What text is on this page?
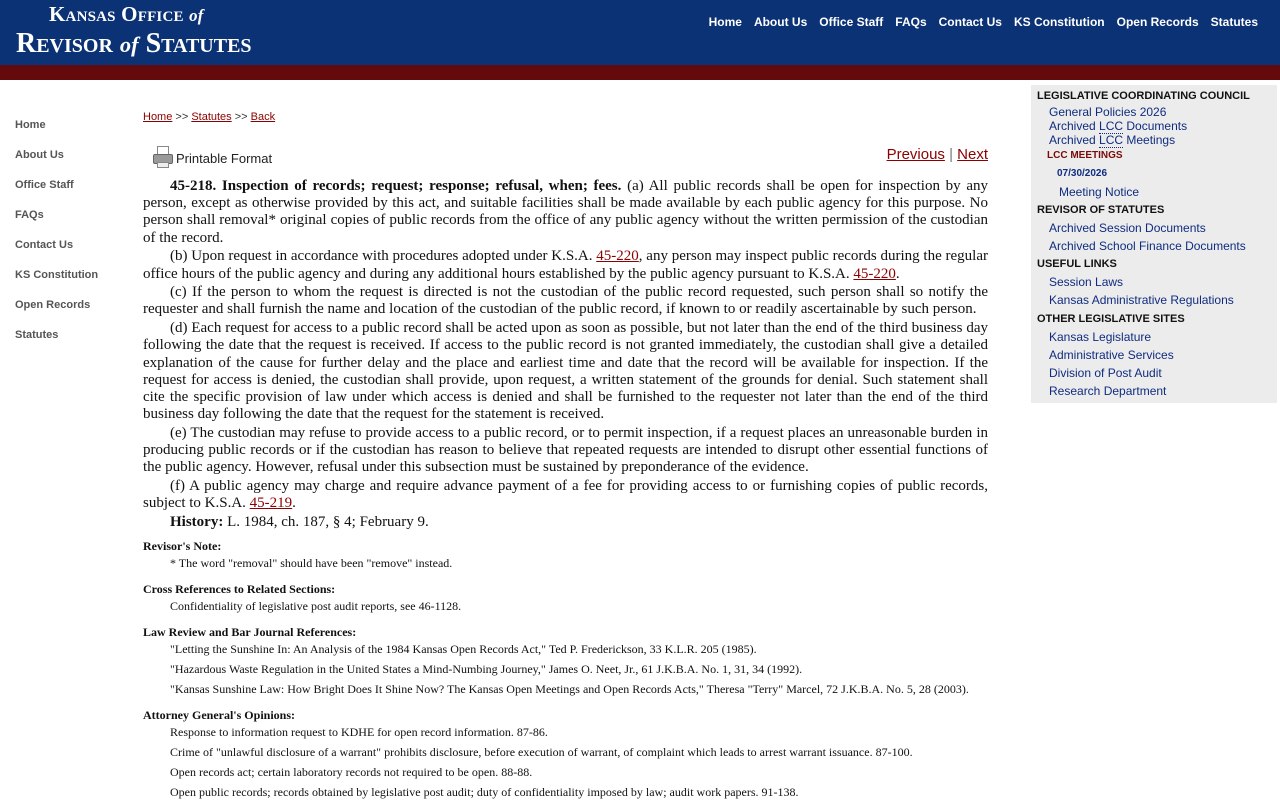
Kansas Office of
Revisor of Statutes
Home About Us Office Staff FAQs Contact Us KS Constitution Open Records Statutes
Home
About Us
Office Staff
FAQs
Contact Us
KS Constitution
Open Records
Statutes
Home >> Statutes >> Back
Printable Format	Previous | Next

45-218. Inspection of records; request; response; refusal, when; fees. (a) All public records shall be open for inspection by any person, except as otherwise provided by this act, and suitable facilities shall be made available by each public agency for this purpose. No person shall removal* original copies of public records from the office of any public agency without the written permission of the custodian of the record.

(b) Upon request in accordance with procedures adopted under K.S.A. 45-220, any person may inspect public records during the regular office hours of the public agency and during any additional hours established by the public agency pursuant to K.S.A. 45-220.

(c) If the person to whom the request is directed is not the custodian of the public record requested, such person shall so notify the requester and shall furnish the name and location of the custodian of the public record, if known to or readily ascertainable by such person.

(d) Each request for access to a public record shall be acted upon as soon as possible, but not later than the end of the third business day following the date that the request is received. If access to the public record is not granted immediately, the custodian shall give a detailed explanation of the cause for further delay and the place and earliest time and date that the record will be available for inspection. If the request for access is denied, the custodian shall provide, upon request, a written statement of the grounds for denial. Such statement shall cite the specific provision of law under which access is denied and shall be furnished to the requester not later than the end of the third business day following the date that the request for the statement is received.

(e) The custodian may refuse to provide access to a public record, or to permit inspection, if a request places an unreasonable burden in producing public records or if the custodian has reason to believe that repeated requests are intended to disrupt other essential functions of the public agency. However, refusal under this subsection must be sustained by preponderance of the evidence.

(f) A public agency may charge and require advance payment of a fee for providing access to or furnishing copies of public records, subject to K.S.A. 45-219.

History: L. 1984, ch. 187, § 4; February 9.
Revisor's Note:
* The word "removal" should have been "remove" instead.
Cross References to Related Sections:
Confidentiality of legislative post audit reports, see 46-1128.
Law Review and Bar Journal References:
"Letting the Sunshine In: An Analysis of the 1984 Kansas Open Records Act," Ted P. Frederickson, 33 K.L.R. 205 (1985).
"Hazardous Waste Regulation in the United States a Mind-Numbing Journey," James O. Neet, Jr., 61 J.K.B.A. No. 1, 31, 34 (1992).
"Kansas Sunshine Law: How Bright Does It Shine Now? The Kansas Open Meetings and Open Records Acts," Theresa "Terry" Marcel, 72 J.K.B.A. No. 5, 28 (2003).
Attorney General's Opinions:
Response to information request to KDHE for open record information. 87-86.
Crime of "unlawful disclosure of a warrant" prohibits disclosure, before execution of warrant, of complaint which leads to arrest warrant issuance. 87-100.
Open records act; certain laboratory records not required to be open. 88-88.
Open public records; records obtained by legislative post audit; duty of confidentiality imposed by law; audit work papers. 91-138.
LEGISLATIVE COORDINATING COUNCIL
General Policies 2026
Archived LCC Documents
Archived LCC Meetings
LCC MEETINGS
07/30/2026
Meeting Notice
REVISOR OF STATUTES
Archived Session Documents
Archived School Finance Documents
USEFUL LINKS
Session Laws
Kansas Administrative Regulations
OTHER LEGISLATIVE SITES
Kansas Legislature
Administrative Services
Division of Post Audit
Research Department
